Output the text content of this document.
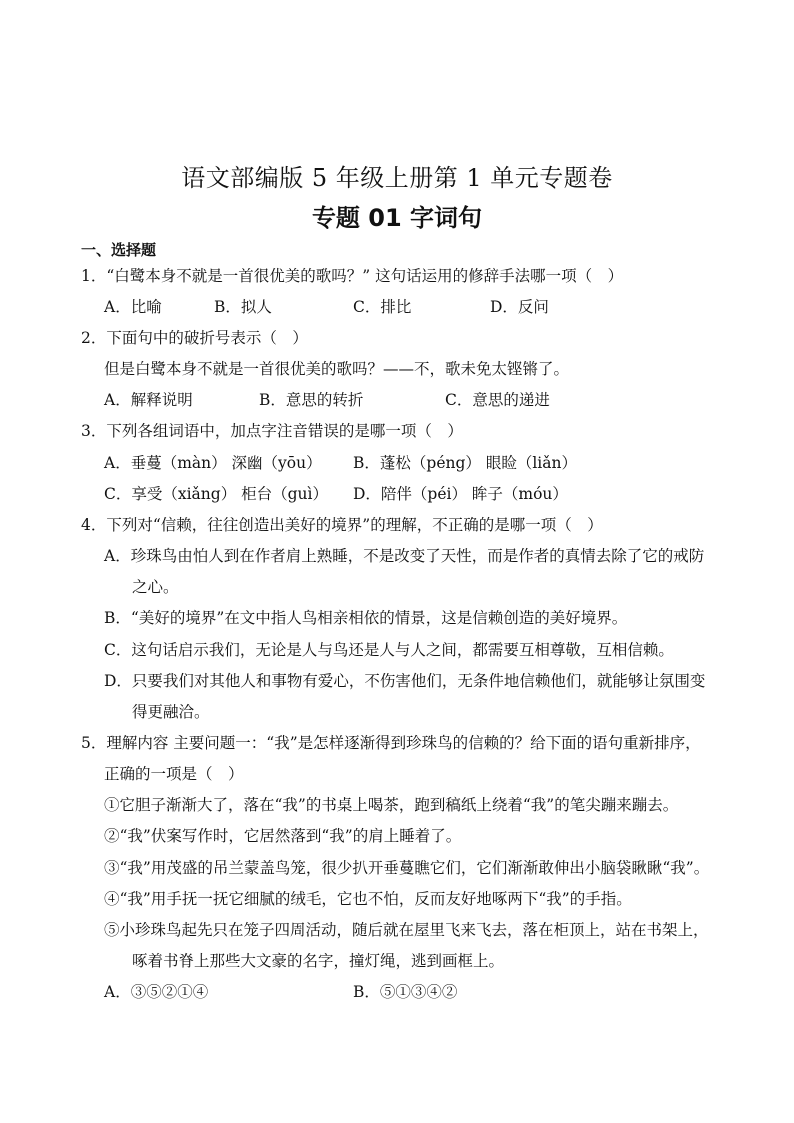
语文部编版 5 年级上册第 1 单元专题卷
专题 01 字词句
一、选择题
1．“白鹭本身不就是一首很优美的歌吗？” 这句话运用的修辞手法哪一项（　）
A．比喻	B．拟人	C．排比	D．反问
2．下面句中的破折号表示（　）
但是白鹭本身不就是一首很优美的歌吗？——不，歌未免太铿锵了。
A．解释说明	B．意思的转折	C．意思的递进
3．下列各组词语中，加点字注音错误的是哪一项（　）
A．垂蔓（màn） 深幽（yōu） B．蓬松（péng） 眼睑（liǎn）
C．享受（xiǎng） 柜台（guì） D．陪伴（péi） 眸子（móu）
4．下列对“信赖，往往创造出美好的境界”的理解，不正确的是哪一项（　）
A．珍珠鸟由怕人到在作者肩上熟睡，不是改变了天性，而是作者的真情去除了它的戒防
之心。
B．“美好的境界”在文中指人鸟相亲相依的情景，这是信赖创造的美好境界。
C．这句话启示我们，无论是人与鸟还是人与人之间，都需要互相尊敬，互相信赖。
D．只要我们对其他人和事物有爱心，不伤害他们，无条件地信赖他们，就能够让氛围变
得更融洽。
5．理解内容 主要问题一：“我”是怎样逐渐得到珍珠鸟的信赖的？给下面的语句重新排序，
正确的一项是（　）
①它胆子渐渐大了，落在“我”的书桌上喝茶，跑到稿纸上绕着“我”的笔尖蹦来蹦去。
②“我”伏案写作时，它居然落到“我”的肩上睡着了。
③“我”用茂盛的吊兰蒙盖鸟笼，很少扒开垂蔓瞧它们，它们渐渐敢伸出小脑袋瞅瞅“我”。
④“我”用手抚一抚它细腻的绒毛，它也不怕，反而友好地啄两下“我”的手指。
⑤小珍珠鸟起先只在笼子四周活动，随后就在屋里飞来飞去，落在柜顶上，站在书架上，
啄着书脊上那些大文豪的名字，撞灯绳，逃到画框上。
A．③⑤②①④	B．⑤①③④②
